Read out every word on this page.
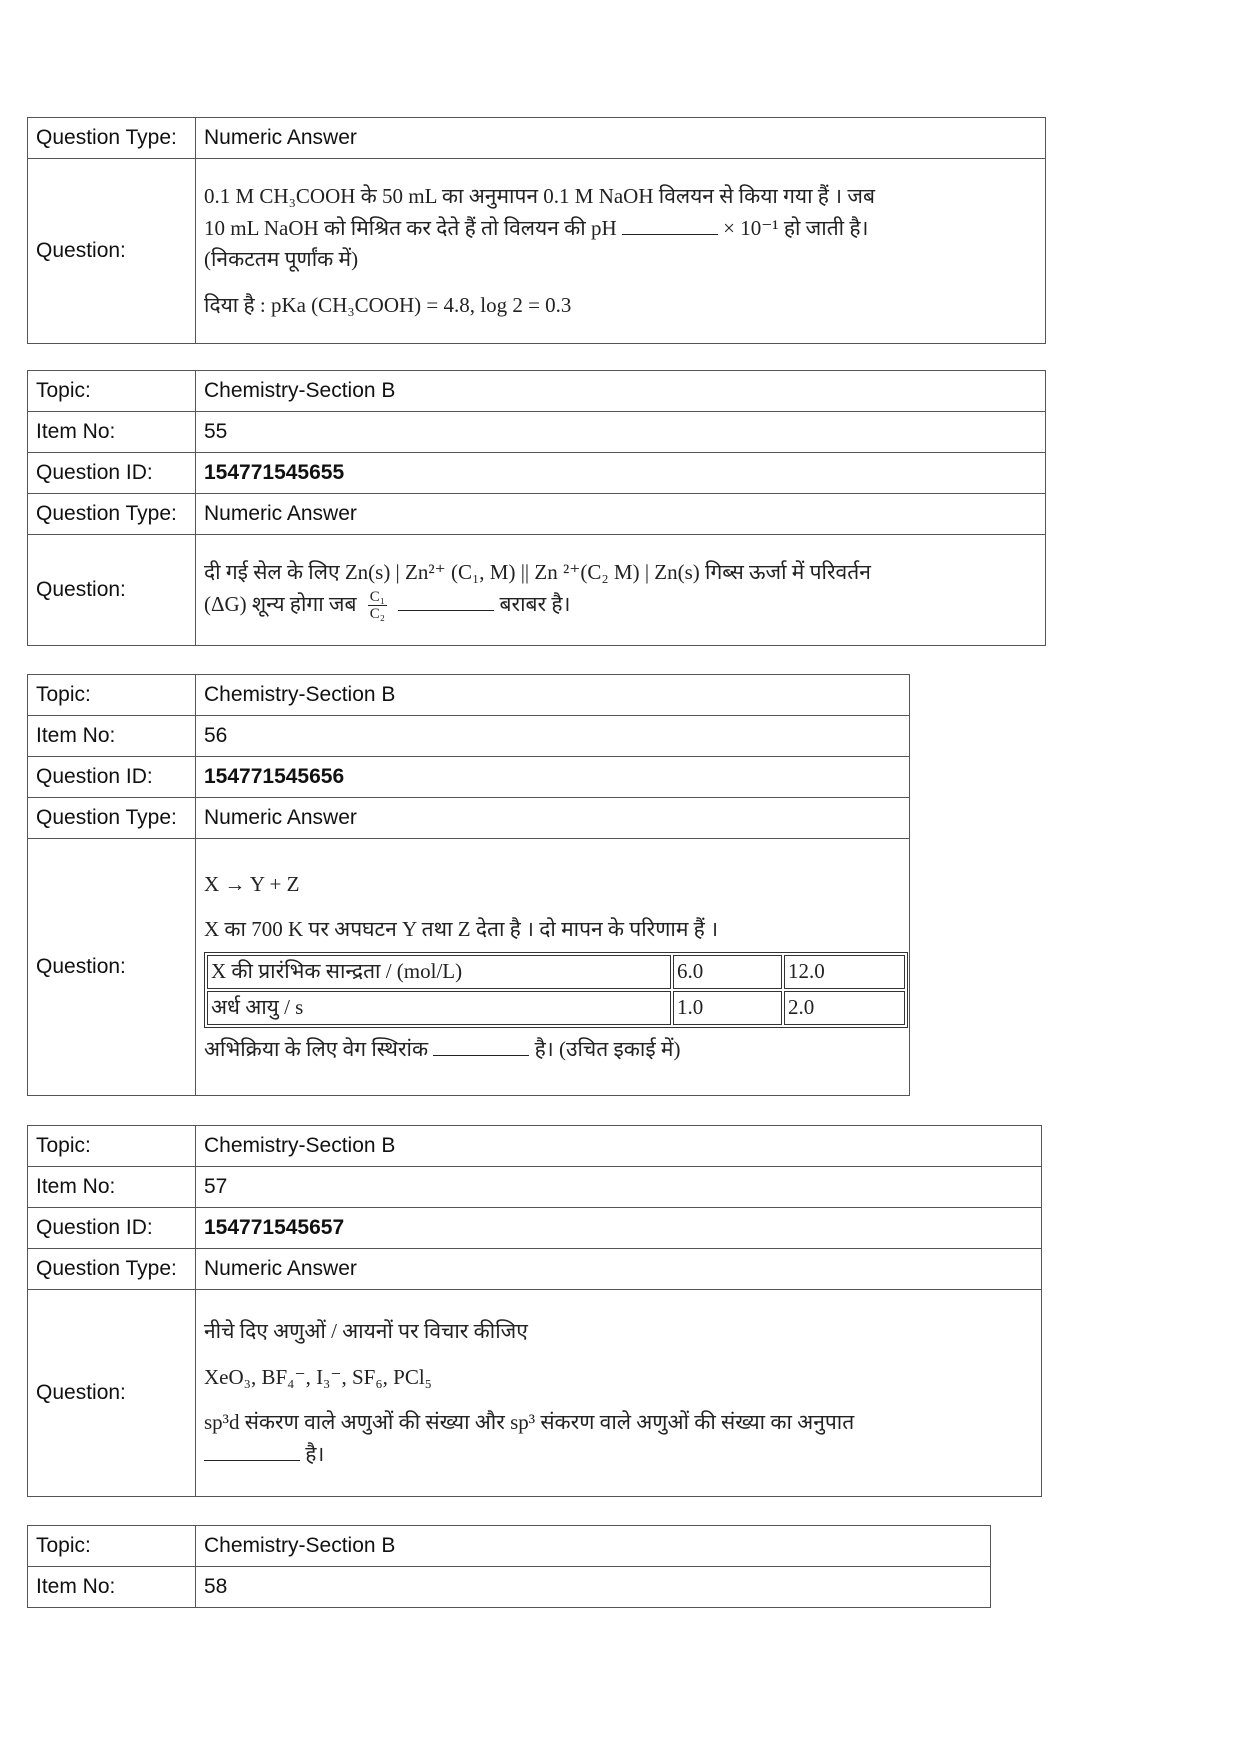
Question Type:	Numeric Answer
Question:	0.1 M CH₃COOH के 50 mL का अनुमापन 0.1 M NaOH विलयन से किया गया हैं । जब

10 mL NaOH को मिश्रित कर देते हैं तो विलयन की pH × 10⁻¹ हो जाती है।

(निकटतम पूर्णांक में)

दिया है : pKa (CH₃COOH) = 4.8, log 2 = 0.3

Topic:	Chemistry-Section B
Item No:	55
Question ID:	154771545655
Question Type:	Numeric Answer
Question:	दी गई सेल के लिए Zn(s) | Zn²⁺ (C₁, M) || Zn ²⁺(C₂ M) | Zn(s) गिब्स ऊर्जा में परिवर्तन

(ΔG) शून्य होगा जब $\frac{\text{C₁}}{\text{C₂}}$ बराबर है।

Topic:	Chemistry-Section B
Item No:	56
Question ID:	154771545656
Question Type:	Numeric Answer
Question:	

X → Y + Z

X का 700 K पर अपघटन Y तथा Z देता है । दो मापन के परिणाम हैं ।

X की प्रारंभिक सान्द्रता / (mol/L)	6.0	12.0
अर्ध आयु / s	1.0	2.0

अभिक्रिया के लिए वेग स्थिरांक	है। (उचित इकाई में)

Topic:	Chemistry-Section B
Item No:	57
Question ID:	154771545657
Question Type:	Numeric Answer
Question:	नीचे दिए अणुओं / आयनों पर विचार कीजिए

XeO₃, BF₄⁻, I₃⁻, SF₆, PCl₅

sp³d संकरण वाले अणुओं की संख्या और sp³ संकरण वाले अणुओं की संख्या का अनुपात

है।

Topic:	Chemistry-Section B
Item No:	58
